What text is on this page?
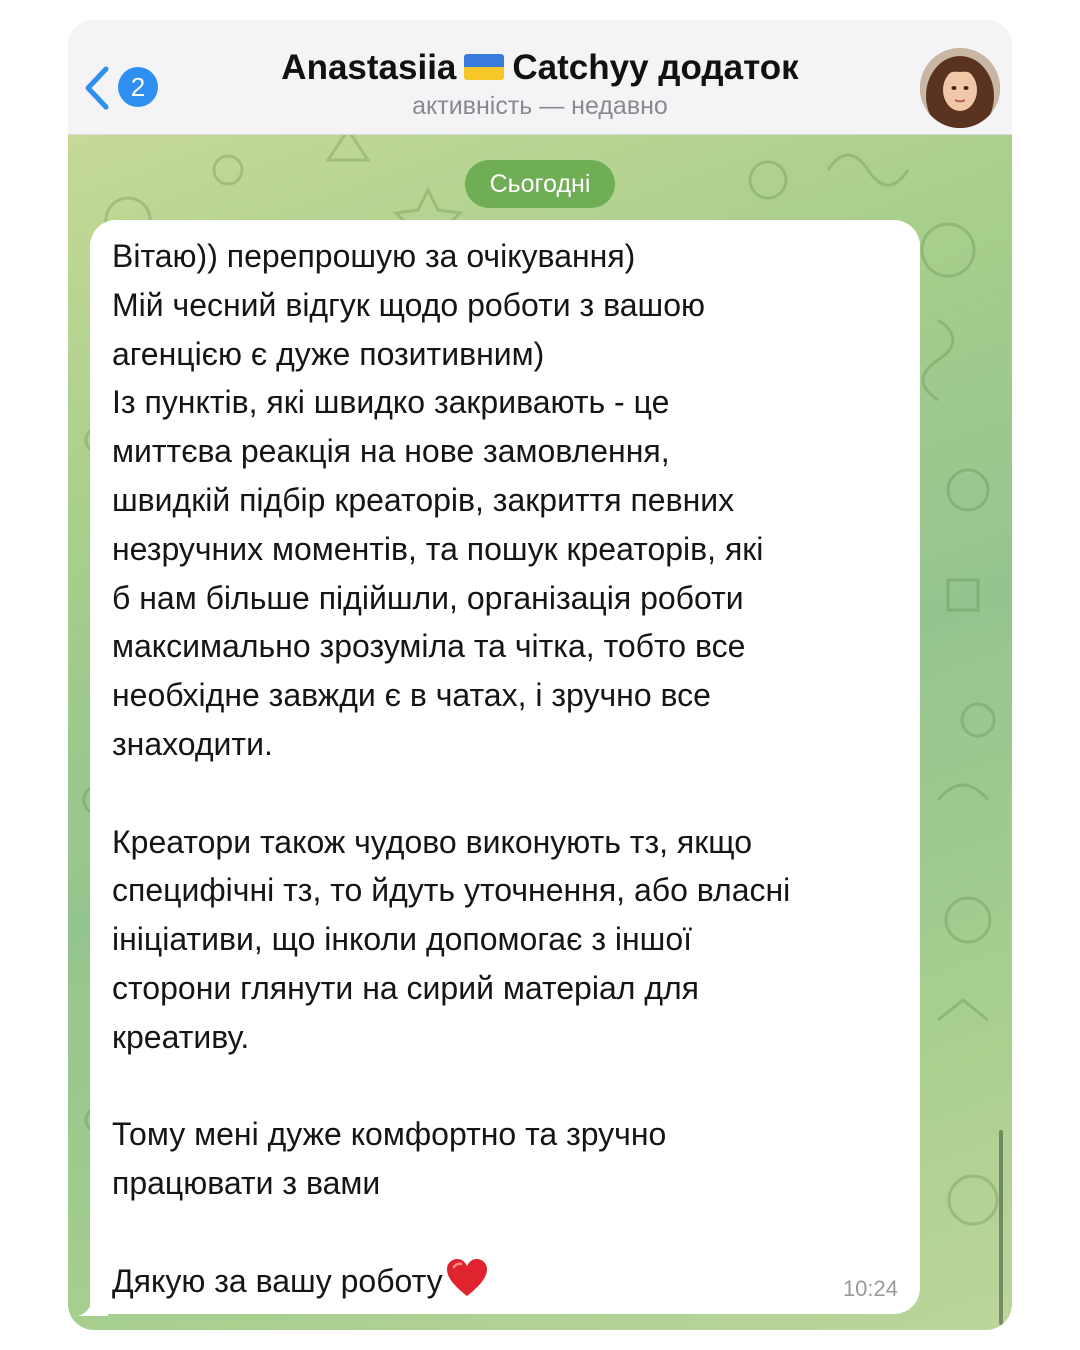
2	Anastasiia Catchyy додаток
активність — недавно
Сьогодні
Вітаю)) перепрошую за очікування)
Мій чесний відгук щодо роботи з вашою
агенцією є дуже позитивним)
Із пунктів, які швидко закривають - це
миттєва реакція на нове замовлення,
швидкій підбір креаторів, закриття певних
незручних моментів, та пошук креаторів, які
б нам більше підійшли, організація роботи
максимально зрозуміла та чітка, тобто все
необхідне завжди є в чатах, і зручно все
знаходити.

Креатори також чудово виконують тз, якщо
специфічні тз, то йдуть уточнення, або власні
ініціативи, що інколи допомогає з іншої
сторони глянути на сирий матеріал для
креативу.

Тому мені дуже комфортно та зручно
працювати з вами

Дякую за вашу роботу	10:24
